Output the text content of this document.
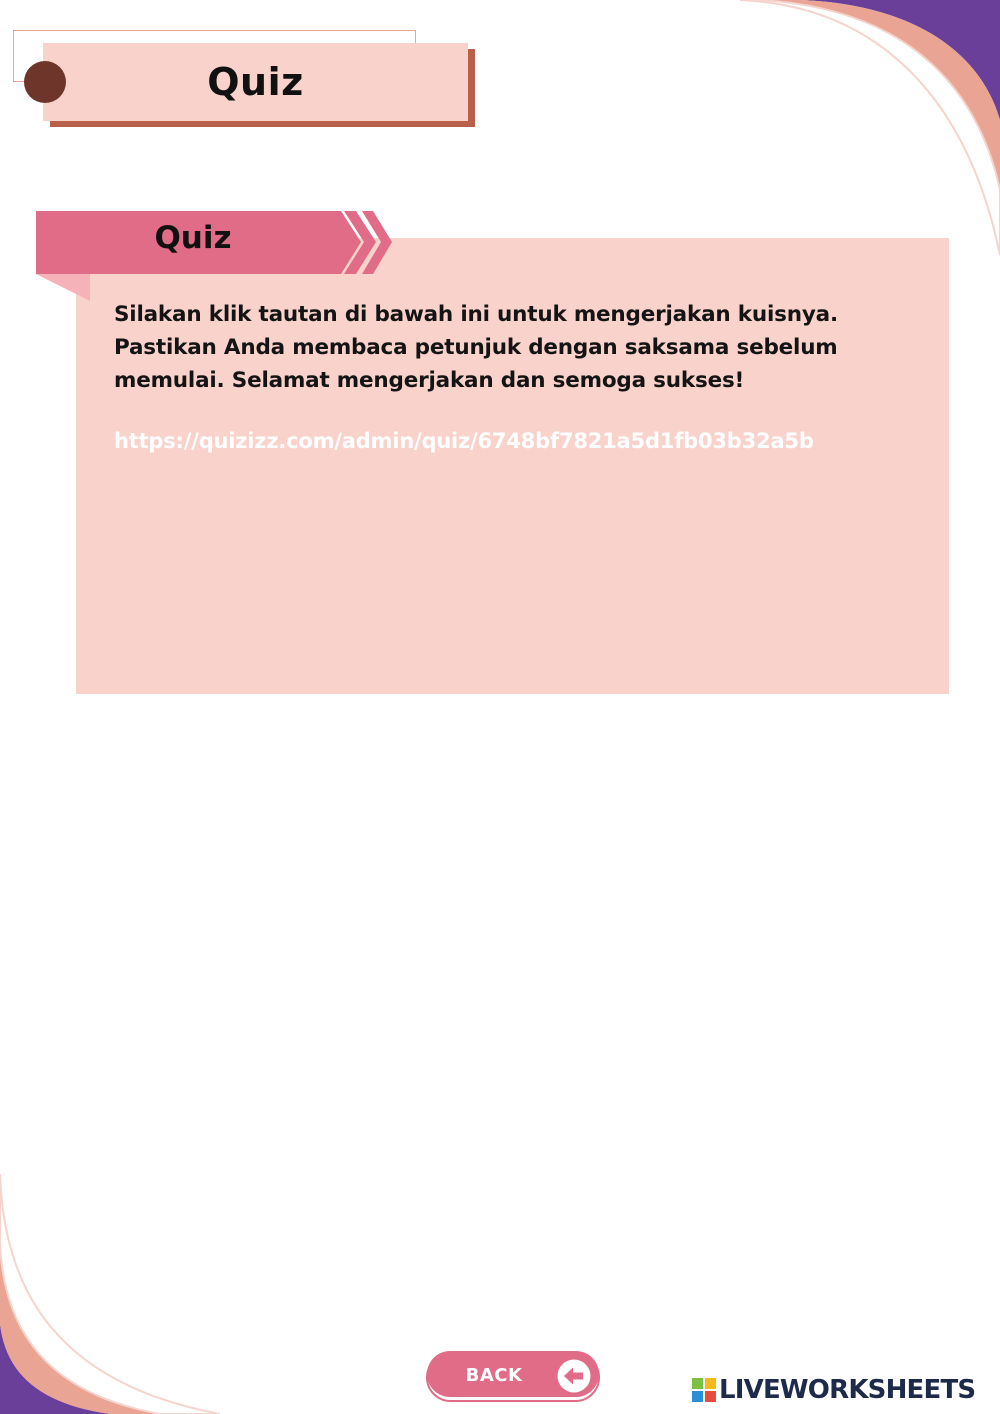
Quiz
Quiz

Silakan klik tautan di bawah ini untuk mengerjakan kuisnya. Pastikan Anda membaca petunjuk dengan saksama sebelum memulai. Selamat mengerjakan dan semoga sukses!

https://quizizz.com/admin/quiz/6748bf7821a5d1fb03b32a5b
BACK	LIVEWORKSHEETS
